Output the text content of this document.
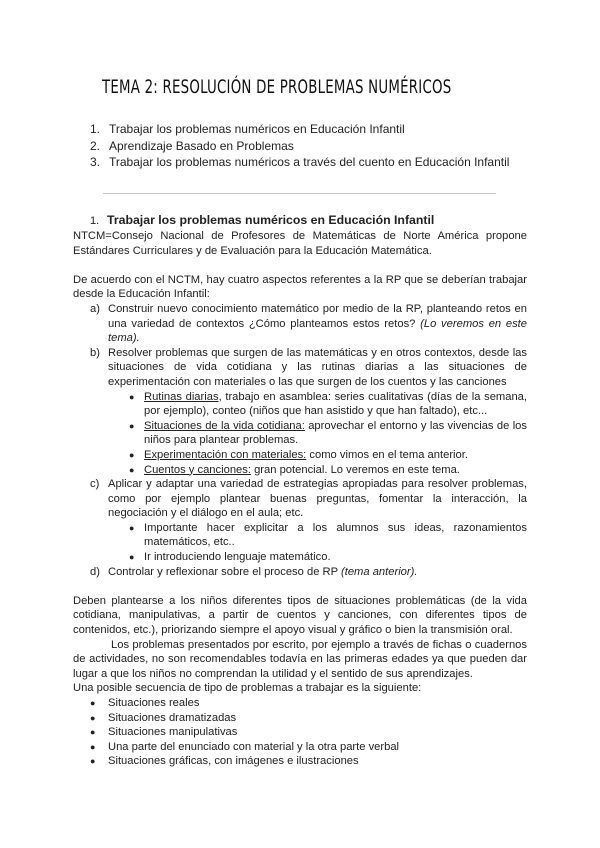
TEMA 2: RESOLUCIÓN DE PROBLEMAS NUMÉRICOS
1. Trabajar los problemas numéricos en Educación Infantil
2. Aprendizaje Basado en Problemas
3. Trabajar los problemas numéricos a través del cuento en Educación Infantil
1. Trabajar los problemas numéricos en Educación Infantil

NTCM=Consejo Nacional de Profesores de Matemáticas de Norte América propone Estándares Curriculares y de Evaluación para la Educación Matemática.

De acuerdo con el NCTM, hay cuatro aspectos referentes a la RP que se deberían trabajar desde la Educación Infantil:

a) Construir nuevo conocimiento matemático por medio de la RP, planteando retos en una variedad de contextos ¿Cómo planteamos estos retos? (Lo veremos en este tema).
b) Resolver problemas que surgen de las matemáticas y en otros contextos, desde las situaciones de vida cotidiana y las rutinas diarias a las situaciones de experimentación con materiales o las que surgen de los cuentos y las canciones
● Rutinas diarias, trabajo en asamblea: series cualitativas (días de la semana, por ejemplo), conteo (niños que han asistido y que han faltado), etc...
● Situaciones de la vida cotidiana: aprovechar el entorno y las vivencias de los niños para plantear problemas.
● Experimentación con materiales: como vimos en el tema anterior.
● Cuentos y canciones: gran potencial. Lo veremos en este tema.
c) Aplicar y adaptar una variedad de estrategias apropiadas para resolver problemas, como por ejemplo plantear buenas preguntas, fomentar la interacción, la negociación y el diálogo en el aula; etc.
● Importante hacer explicitar a los alumnos sus ideas, razonamientos matemáticos, etc..
● Ir introduciendo lenguaje matemático.
d) Controlar y reflexionar sobre el proceso de RP (tema anterior).

Deben plantearse a los niños diferentes tipos de situaciones problemáticas (de la vida cotidiana, manipulativas, a partir de cuentos y canciones, con diferentes tipos de contenidos, etc.), priorizando siempre el apoyo visual y gráfico o bien la transmisión oral.

Los problemas presentados por escrito, por ejemplo a través de fichas o cuadernos de actividades, no son recomendables todavía en las primeras edades ya que pueden dar lugar a que los niños no comprendan la utilidad y el sentido de sus aprendizajes.

Una posible secuencia de tipo de problemas a trabajar es la siguiente:

● Situaciones reales
● Situaciones dramatizadas
● Situaciones manipulativas
● Una parte del enunciado con material y la otra parte verbal
● Situaciones gráficas, con imágenes e ilustraciones
